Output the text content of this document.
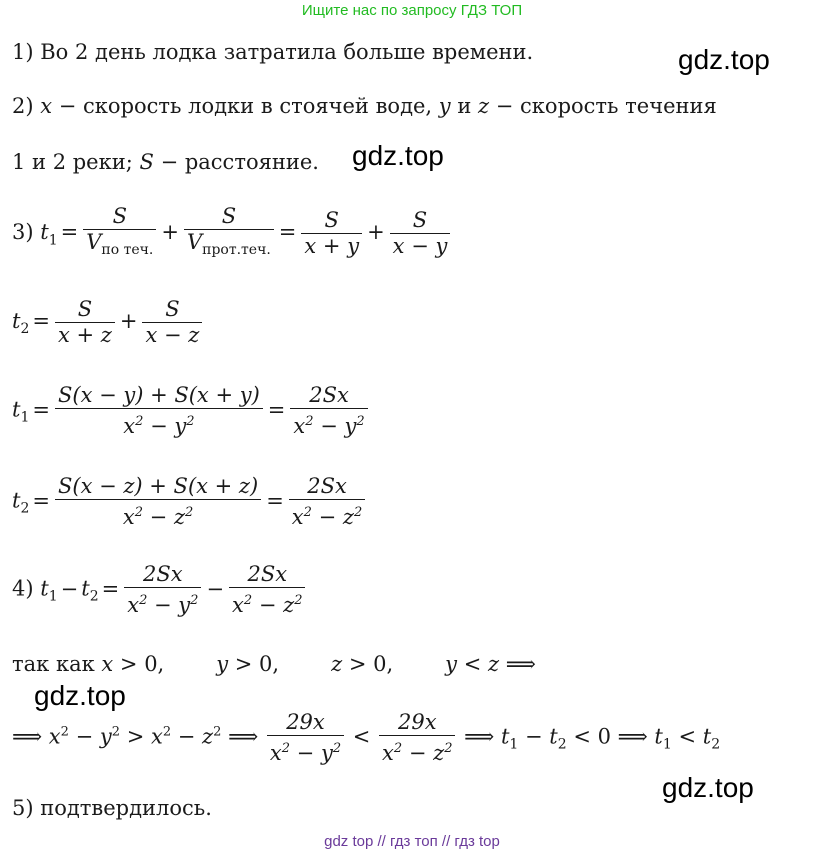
Ищите нас по запросу ГДЗ ТОП
1) Во 2 день лодка затратила больше времени.
2) x − скорость лодки в стоячей воде, y и z − скорость течения
1 и 2 реки; S − расстояние.
3) $t_1 = \frac{S}{V_{по теч.}} + \frac{S}{V_{прот.теч.}} = \frac{S}{x + y} + \frac{S}{x - y}$
$t_2 = \frac{S}{x + z} + \frac{S}{x - z}$
$t_1 = \frac{S(x - y) + S(x + y)}{x^2 - y^2} = \frac{2Sx}{x^2 - y^2}$
$t_2 = \frac{S(x - z) + S(x + z)}{x^2 - z^2} = \frac{2Sx}{x^2 - z^2}$
4) $t_1 - t_2 = \frac{2Sx}{x^2 - y^2} - \frac{2Sx}{x^2 - z^2}$
так как x > 0, y > 0, z > 0, y < z ⟹
⟹ $x^2 - y^2 > x^2 - z^2$ ⟹ $\frac{29x}{x^2 - y^2} < \frac{29x}{x^2 - z^2}$ ⟹ $t_1 - t_2 < 0$ ⟹ $t_1 < t_2$
5) подтвердилось.
gdz.top
gdz.top
gdz.top
gdz.top
gdz top // гдз топ // гдз top
